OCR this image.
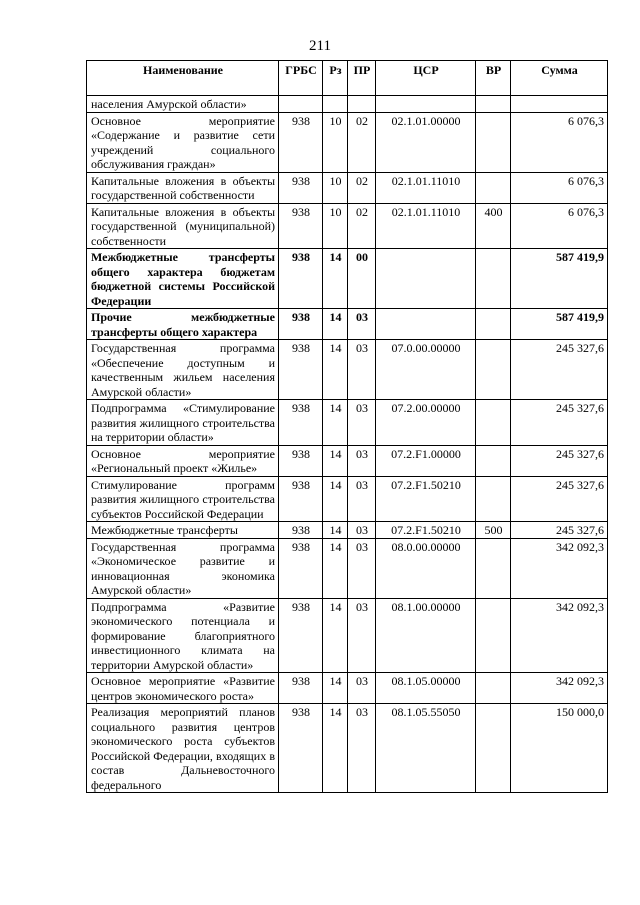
211
Наименование	ГРБС	Рз	ПР	ЦСР	ВР	Сумма
населения Амурской области»						
Основное мероприятие «Содержание и развитие сети учреждений социального обслуживания граждан»	938	10	02	02.1.01.00000		6 076,3
Капитальные вложения в объекты государственной собственности	938	10	02	02.1.01.11010		6 076,3
Капитальные вложения в объекты государственной (муниципальной) собственности	938	10	02	02.1.01.11010	400	6 076,3
Межбюджетные трансферты общего характера бюджетам бюджетной системы Российской Федерации	938	14	00			587 419,9
Прочие межбюджетные трансферты общего характера	938	14	03			587 419,9
Государственная программа «Обеспечение доступным и качественным жильем населения Амурской области»	938	14	03	07.0.00.00000		245 327,6
Подпрограмма «Стимулирование развития жилищного строительства на территории области»	938	14	03	07.2.00.00000		245 327,6
Основное мероприятие «Региональный проект «Жилье»	938	14	03	07.2.F1.00000		245 327,6
Стимулирование программ развития жилищного строительства субъектов Российской Федерации	938	14	03	07.2.F1.50210		245 327,6
Межбюджетные трансферты	938	14	03	07.2.F1.50210	500	245 327,6
Государственная программа «Экономическое развитие и инновационная экономика Амурской области»	938	14	03	08.0.00.00000		342 092,3
Подпрограмма «Развитие экономического потенциала и формирование благоприятного инвестиционного климата на территории Амурской области»	938	14	03	08.1.00.00000		342 092,3
Основное мероприятие «Развитие центров экономического роста»	938	14	03	08.1.05.00000		342 092,3
Реализация мероприятий планов социального развития центров экономического роста субъектов Российской Федерации, входящих в состав Дальневосточного федерального	938	14	03	08.1.05.55050		150 000,0
